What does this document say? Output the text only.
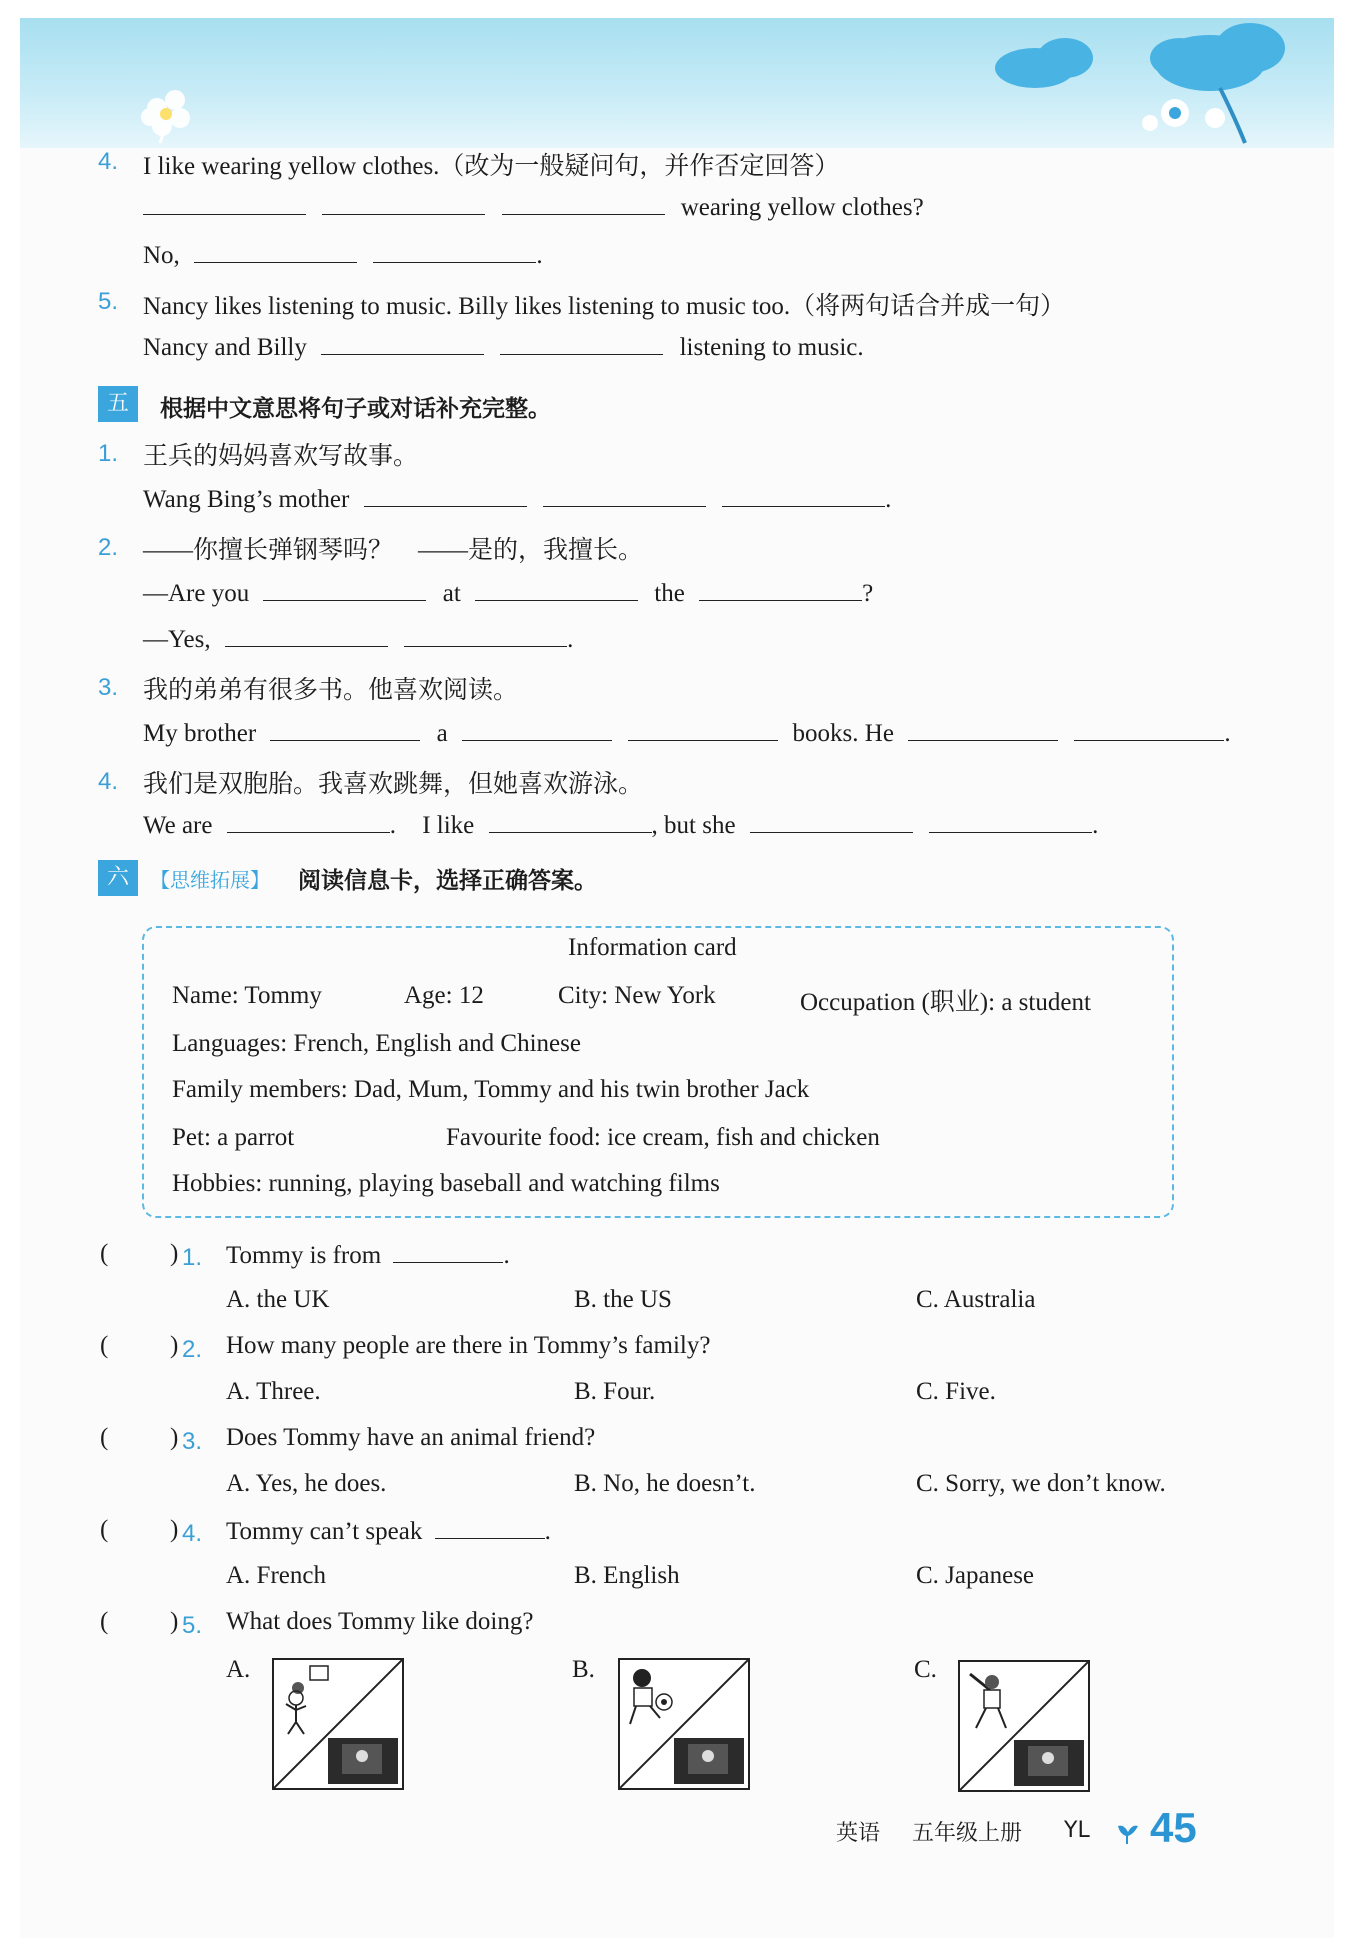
4. I like wearing yellow clothes.（改为一般疑问句，并作否定回答）
wearing yellow clothes?
No,	.
5. Nancy likes listening to music. Billy likes listening to music too.（将两句话合并成一句）
Nancy and Billy	listening to music.
五	根据中文意思将句子或对话补充完整。
1. 王兵的妈妈喜欢写故事。
Wang Bing’s mother	.
2. ——你擅长弹钢琴吗？　——是的，我擅长。
—Are you	at	the	?
—Yes,	.
3. 我的弟弟有很多书。他喜欢阅读。
My brother	a	books. He	.
4. 我们是双胞胎。我喜欢跳舞，但她喜欢游泳。
We are	. I like	, but she	.
六	【思维拓展】 阅读信息卡，选择正确答案。
Information card
Name: Tommy	Age: 12	City: New York	Occupation (职业): a student
Languages: French, English and Chinese
Family members: Dad, Mum, Tommy and his twin brother Jack
Pet: a parrot	Favourite food: ice cream, fish and chicken
Hobbies: running, playing baseball and watching films
( ) 1. Tommy is from	.
A. the UK	B. the US	C. Australia
( ) 2. How many people are there in Tommy’s family?
A. Three.	B. Four.	C. Five.
( ) 3. Does Tommy have an animal friend?
A. Yes, he does.	B. No, he doesn’t.	C. Sorry, we don’t know.
( ) 4. Tommy can’t speak	.
A. French	B. English	C. Japanese
( ) 5. What does Tommy like doing?
A.	B.	C.
英语 五年级上册 YL 45
